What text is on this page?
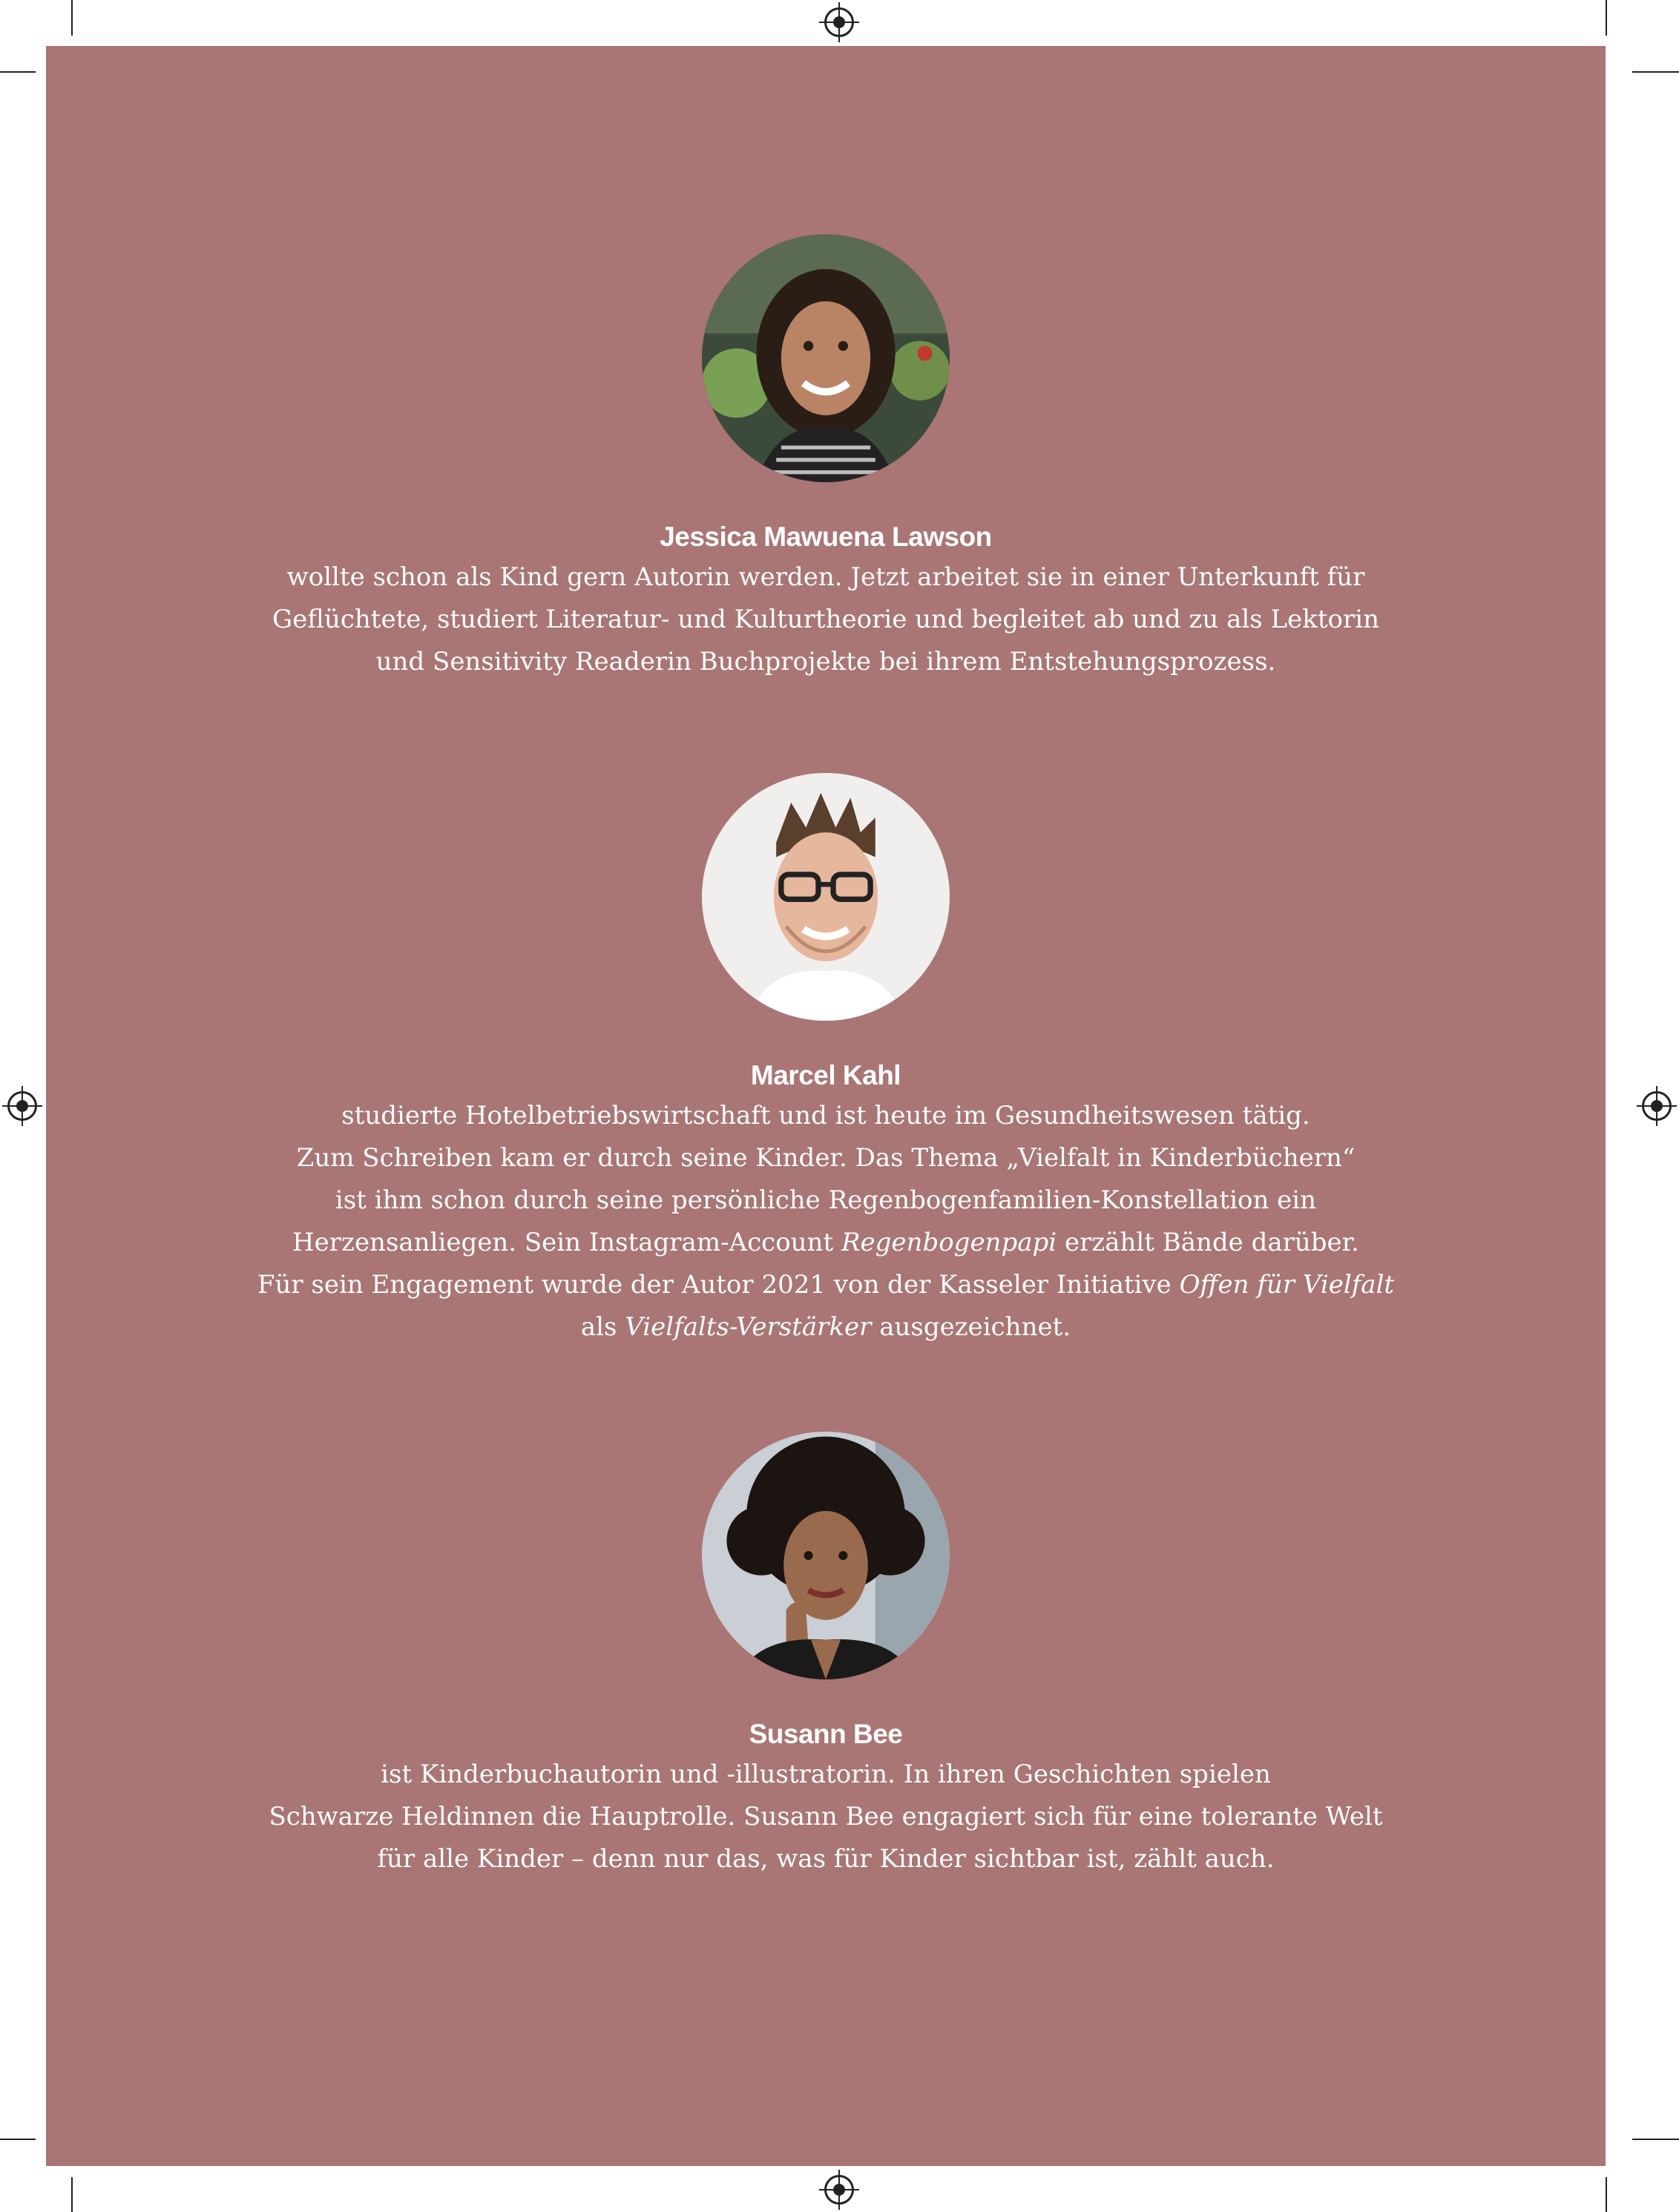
Jessica Mawuena Lawson
wollte schon als Kind gern Autorin werden. Jetzt arbeitet sie in einer Unterkunft für
Geflüchtete, studiert Literatur- und Kulturtheorie und begleitet ab und zu als Lektorin
und Sensitivity Readerin Buchprojekte bei ihrem Entstehungsprozess.
Marcel Kahl
studierte Hotelbetriebswirtschaft und ist heute im Gesundheitswesen tätig.
Zum Schreiben kam er durch seine Kinder. Das Thema „Vielfalt in Kinderbüchern“
ist ihm schon durch seine persönliche Regenbogenfamilien-Konstellation ein
Herzensanliegen. Sein Instagram-Account Regenbogenpapi erzählt Bände darüber.
Für sein Engagement wurde der Autor 2021 von der Kasseler Initiative Offen für Vielfalt
als Vielfalts-Verstärker ausgezeichnet.
Susann Bee
ist Kinderbuchautorin und -illustratorin. In ihren Geschichten spielen
Schwarze Heldinnen die Hauptrolle. Susann Bee engagiert sich für eine tolerante Welt
für alle Kinder – denn nur das, was für Kinder sichtbar ist, zählt auch.
